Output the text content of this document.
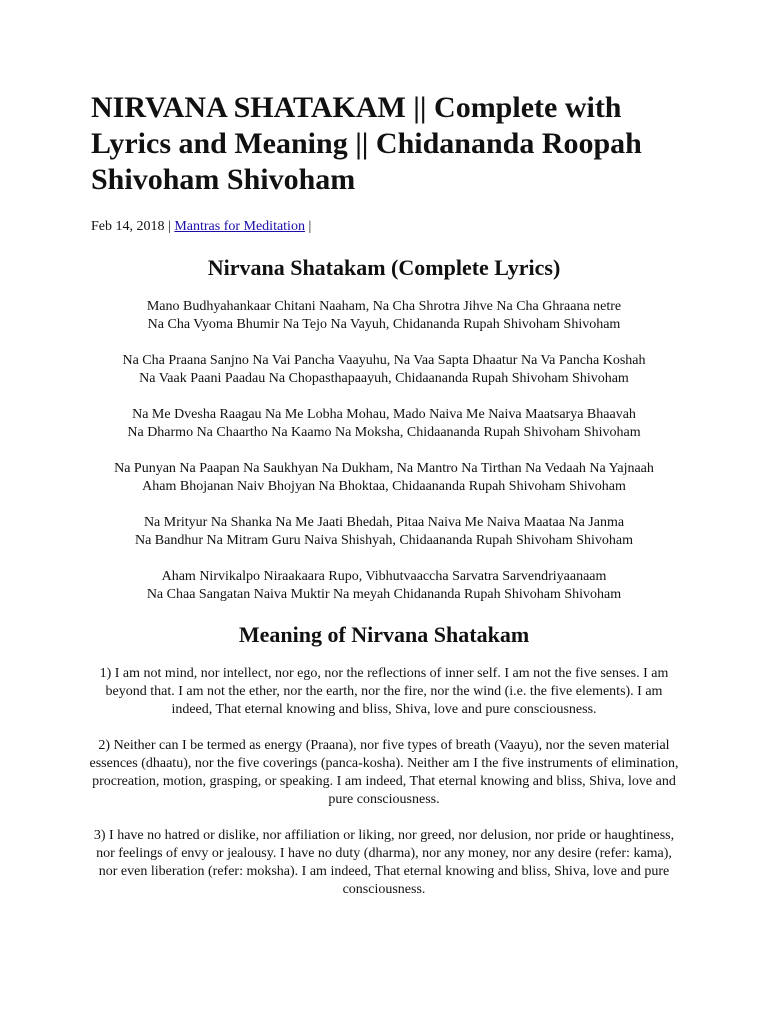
NIRVANA SHATAKAM || Complete with Lyrics and Meaning || Chidananda Roopah Shivoham Shivoham
Feb 14, 2018 | Mantras for Meditation |
Nirvana Shatakam (Complete Lyrics)

Mano Budhyahankaar Chitani Naaham, Na Cha Shrotra Jihve Na Cha Ghraana netre
Na Cha Vyoma Bhumir Na Tejo Na Vayuh, Chidananda Rupah Shivoham Shivoham

Na Cha Praana Sanjno Na Vai Pancha Vaayuhu, Na Vaa Sapta Dhaatur Na Va Pancha Koshah
Na Vaak Paani Paadau Na Chopasthapaayuh, Chidaananda Rupah Shivoham Shivoham

Na Me Dvesha Raagau Na Me Lobha Mohau, Mado Naiva Me Naiva Maatsarya Bhaavah
Na Dharmo Na Chaartho Na Kaamo Na Moksha, Chidaananda Rupah Shivoham Shivoham

Na Punyan Na Paapan Na Saukhyan Na Dukham, Na Mantro Na Tirthan Na Vedaah Na Yajnaah
Aham Bhojanan Naiv Bhojyan Na Bhoktaa, Chidaananda Rupah Shivoham Shivoham

Na Mrityur Na Shanka Na Me Jaati Bhedah, Pitaa Naiva Me Naiva Maataa Na Janma
Na Bandhur Na Mitram Guru Naiva Shishyah, Chidaananda Rupah Shivoham Shivoham

Aham Nirvikalpo Niraakaara Rupo, Vibhutvaaccha Sarvatra Sarvendriyaanaam
Na Chaa Sangatan Naiva Muktir Na meyah Chidananda Rupah Shivoham Shivoham

Meaning of Nirvana Shatakam

1) I am not mind, nor intellect, nor ego, nor the reflections of inner self. I am not the five senses. I am beyond that. I am not the ether, nor the earth, nor the fire, nor the wind (i.e. the five elements). I am indeed, That eternal knowing and bliss, Shiva, love and pure consciousness.

2) Neither can I be termed as energy (Praana), nor five types of breath (Vaayu), nor the seven material essences (dhaatu), nor the five coverings (panca-kosha). Neither am I the five instruments of elimination, procreation, motion, grasping, or speaking. I am indeed, That eternal knowing and bliss, Shiva, love and pure consciousness.

3) I have no hatred or dislike, nor affiliation or liking, nor greed, nor delusion, nor pride or haughtiness, nor feelings of envy or jealousy. I have no duty (dharma), nor any money, nor any desire (refer: kama), nor even liberation (refer: moksha). I am indeed, That eternal knowing and bliss, Shiva, love and pure consciousness.
